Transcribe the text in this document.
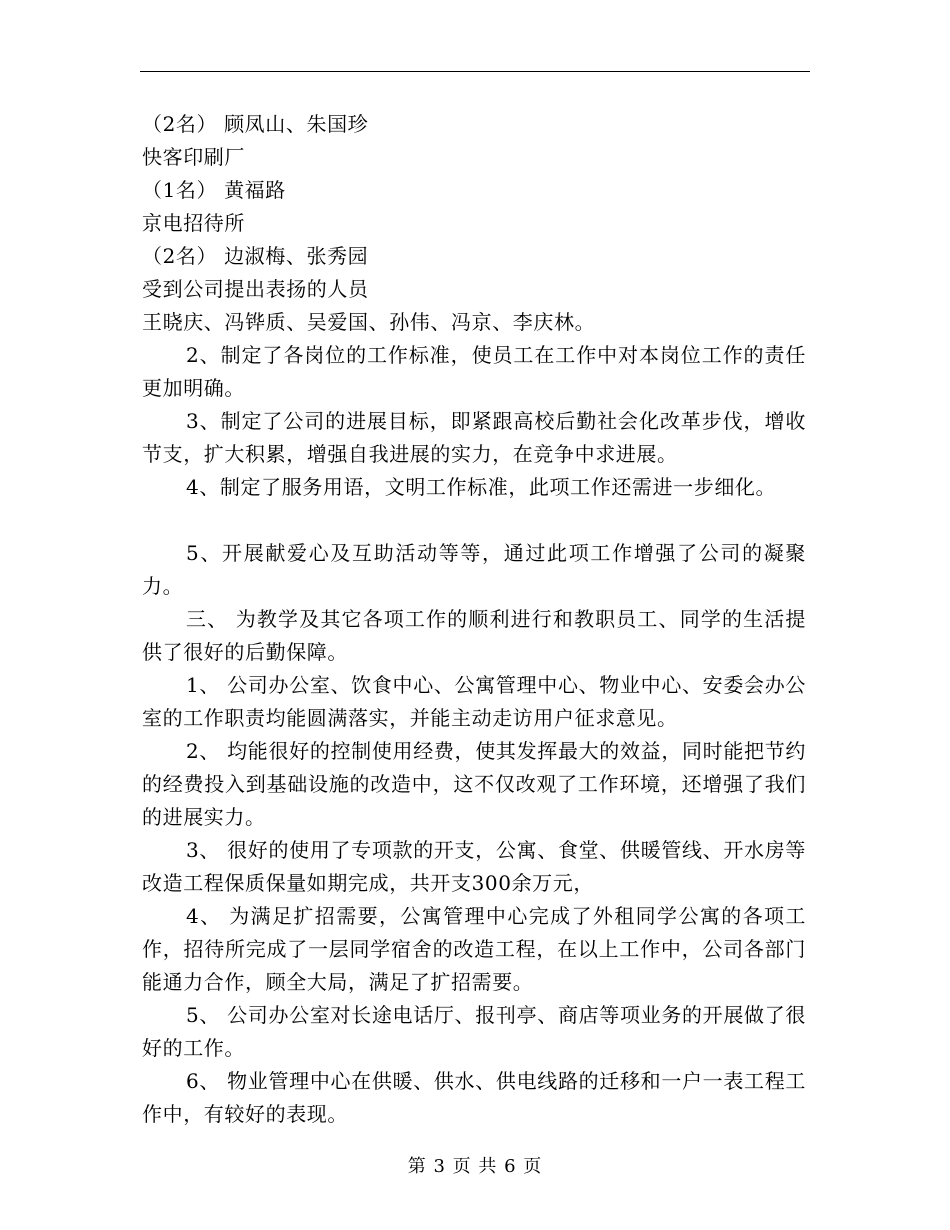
（2名） 顾凤山、朱国珍

快客印刷厂

（1名） 黄福路

京电招待所

（2名） 边淑梅、张秀园

受到公司提出表扬的人员

王晓庆、冯铧质、吴爱国、孙伟、冯京、李庆林。

2、制定了各岗位的工作标准，使员工在工作中对本岗位工作的责任更加明确。

3、制定了公司的进展目标，即紧跟高校后勤社会化改革步伐，增收节支，扩大积累，增强自我进展的实力，在竞争中求进展。

4、制定了服务用语，文明工作标准，此项工作还需进一步细化。

5、开展献爱心及互助活动等等，通过此项工作增强了公司的凝聚力。

三、 为教学及其它各项工作的顺利进行和教职员工、同学的生活提供了很好的后勤保障。

1、 公司办公室、饮食中心、公寓管理中心、物业中心、安委会办公室的工作职责均能圆满落实，并能主动走访用户征求意见。

2、 均能很好的控制使用经费，使其发挥最大的效益，同时能把节约的经费投入到基础设施的改造中，这不仅改观了工作环境，还增强了我们的进展实力。

3、 很好的使用了专项款的开支，公寓、食堂、供暖管线、开水房等改造工程保质保量如期完成，共开支300余万元，

4、 为满足扩招需要，公寓管理中心完成了外租同学公寓的各项工作，招待所完成了一层同学宿舍的改造工程，在以上工作中，公司各部门能通力合作，顾全大局，满足了扩招需要。

5、 公司办公室对长途电话厅、报刊亭、商店等项业务的开展做了很好的工作。

6、 物业管理中心在供暖、供水、供电线路的迁移和一户一表工程工作中，有较好的表现。

第 3 页 共 6 页
